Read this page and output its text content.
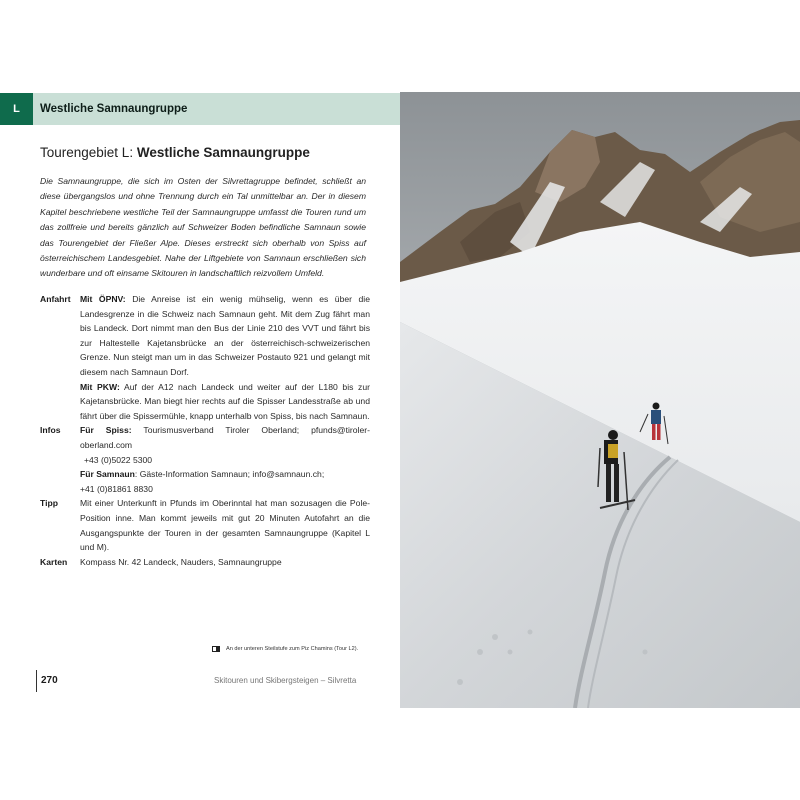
L	Westliche Samnaungruppe
Tourengebiet L: Westliche Samnaungruppe

Die Samnaungruppe, die sich im Osten der Silvrettagruppe befindet, schließt an diese übergangslos und ohne Trennung durch ein Tal unmittelbar an. Der in diesem Kapitel beschriebene westliche Teil der Samnaungruppe umfasst die Touren rund um das zollfreie und bereits gänzlich auf Schweizer Boden befindliche Samnaun sowie das Tourengebiet der Fließer Alpe. Dieses erstreckt sich oberhalb von Spiss auf österreichischem Landesgebiet. Nahe der Liftgebiete von Samnaun erschließen sich wunderbare und oft einsame Skitouren in landschaftlich reizvollem Umfeld.

Anfahrt	Mit ÖPNV: Die Anreise ist ein wenig mühselig, wenn es über die Landesgrenze in die Schweiz nach Samnaun geht. Mit dem Zug fährt man bis Landeck. Dort nimmt man den Bus der Linie 210 des VVT und fährt bis zur Haltestelle Kajetansbrücke an der österreichisch-schweizerischen Grenze. Nun steigt man um in das Schweizer Postauto 921 und gelangt mit diesem nach Samnaun Dorf.

Mit PKW: Auf der A12 nach Landeck und weiter auf der L180 bis zur Kajetansbrücke. Man biegt hier rechts auf die Spisser Landesstraße ab und fährt über die Spissermühle, knapp unterhalb von Spiss, bis nach Samnaun.

Infos	Für Spiss: Tourismusverband Tiroler Oberland; pfunds@tiroler-oberland.com

+43 (0)5022 5300

Für Samnaun: Gäste-Information Samnaun; info@samnaun.ch;

+41 (0)81861 8830

Tipp	Mit einer Unterkunft in Pfunds im Oberinntal hat man sozusagen die Pole-Position inne. Man kommt jeweils mit gut 20 Minuten Autofahrt an die Ausgangspunkte der Touren in der gesamten Samnaungruppe (Kapitel L und M).
Karten	Kompass Nr. 42 Landeck, Nauders, Samnaungruppe
An der unteren Steilstufe zum Piz Chamins (Tour L2).
270	Skitouren und Skibergsteigen – Silvretta
